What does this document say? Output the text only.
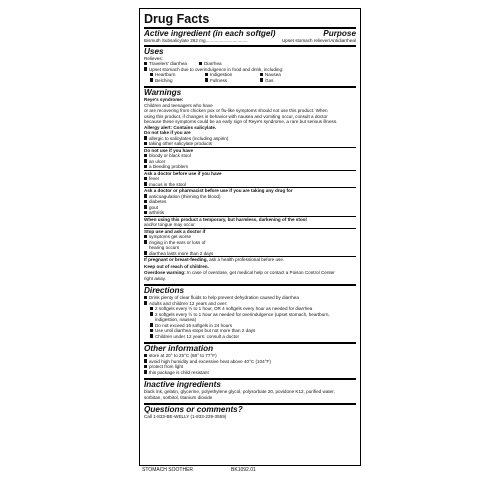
Drug Facts
Active ingredient (in each softgel)	Purpose
Bismuth Subsalicylate 262 mg.................................	Upset stomach reliever/Antidiarrheal
Uses
Relieves:
Travelers' diarrhea	Diarrhea
Upset stomach due to overindulgence in food and drink, including:
Heartburn	Indigestion	Nausea
Belching	Fullness	Gas
Warnings
Reye's syndrome:
Children and teenagers who have
or are recovering from chicken pox or flu-like symptoms should not use this product. When
using this product, if changes in behavior with nausea and vomiting occur, consult a doctor
because these symptoms could be an early sign of Reye's syndrome, a rare but serious illness.
Allergy alert: Contains salicylate.
Do not take if you are
allergic to salicylates (including aspirin)
taking other salicylate products
Do not use if you have
bloody or black stool
an ulcer
a bleeding problem
Ask a doctor before use if you have
fever
mucus in the stool
Ask a doctor or pharmacist before use if you are taking any drug for
anticoagulation (thinning the blood)
diabetes
gout
arthritis
When using this product a temporary, but harmless, darkening of the stool
and/or tongue may occur
Stop use and ask a doctor if
symptoms get worse
ringing in the ears or loss of
hearing occurs
diarrhea lasts more than 2 days
If pregnant or breast-feeding, ask a health professional before use.
Keep out of reach of children.
Overdose warning: In case of overdose, get medical help or contact a Poison Control Center
right away.
Directions
Drink plenty of clear fluids to help prevent dehydration caused by diarrhea
Adults and children 12 years and over:
2 softgels every ½ to 1 hour, OR 4 softgels every hour as needed for diarrhea
2 softgels every ½ to 1 hour as needed for overindulgence (upset stomach, heartburn,
indigestion, nausea)
Do not exceed 16 softgels in 24 hours
Use until diarrhea stops but not more than 2 days
Children under 12 years: consult a doctor
Other information
store at 20° to 25°C (68° to 77°F)
avoid high humidity and excessive heat above 40°C (104°F)
protect from light
this package is child resistant
Inactive ingredients
black ink, gelatin, glycerine, polyethylene glycol, polysorbate 20, povidone K12, purified water,
sorbitan, sorbitol, titanium dioxide
Questions or comments?
Call 1-833-BE-WELLY (1-833-239-3559)
STOMACH SOOTHER	BK1092.01
